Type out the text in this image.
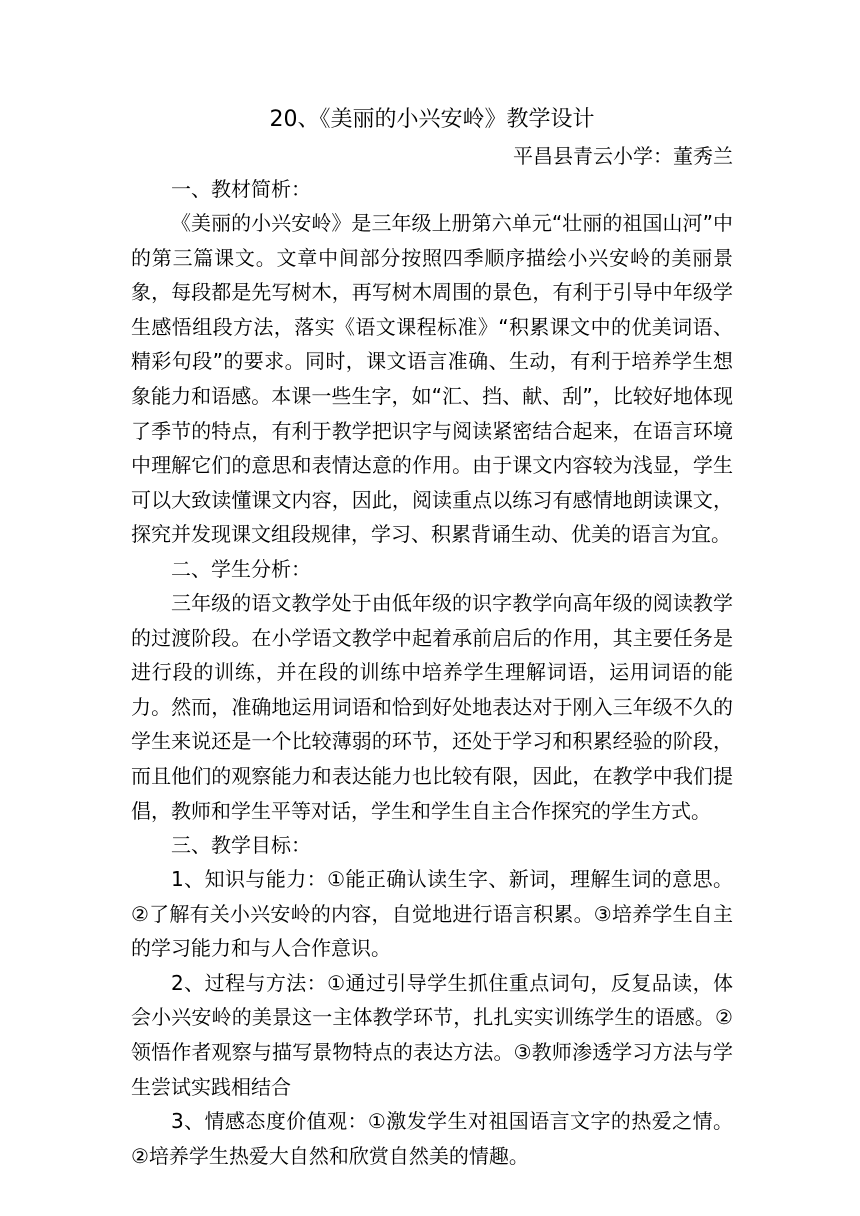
20、《美丽的小兴安岭》教学设计

平昌县青云小学：董秀兰

一、教材简析：

《美丽的小兴安岭》是三年级上册第六单元“壮丽的祖国山河”中的第三篇课文。文章中间部分按照四季顺序描绘小兴安岭的美丽景象，每段都是先写树木，再写树木周围的景色，有利于引导中年级学生感悟组段方法，落实《语文课程标准》“积累课文中的优美词语、精彩句段”的要求。同时，课文语言准确、生动，有利于培养学生想象能力和语感。本课一些生字，如“汇、挡、献、刮”，比较好地体现了季节的特点，有利于教学把识字与阅读紧密结合起来，在语言环境中理解它们的意思和表情达意的作用。由于课文内容较为浅显，学生可以大致读懂课文内容，因此，阅读重点以练习有感情地朗读课文，探究并发现课文组段规律，学习、积累背诵生动、优美的语言为宜。

二、学生分析：

三年级的语文教学处于由低年级的识字教学向高年级的阅读教学的过渡阶段。在小学语文教学中起着承前启后的作用，其主要任务是进行段的训练，并在段的训练中培养学生理解词语，运用词语的能力。然而，准确地运用词语和恰到好处地表达对于刚入三年级不久的学生来说还是一个比较薄弱的环节，还处于学习和积累经验的阶段，而且他们的观察能力和表达能力也比较有限，因此，在教学中我们提倡，教师和学生平等对话，学生和学生自主合作探究的学生方式。

三、教学目标：

1、知识与能力：①能正确认读生字、新词，理解生词的意思。②了解有关小兴安岭的内容，自觉地进行语言积累。③培养学生自主的学习能力和与人合作意识。

2、过程与方法：①通过引导学生抓住重点词句，反复品读，体会小兴安岭的美景这一主体教学环节，扎扎实实训练学生的语感。②领悟作者观察与描写景物特点的表达方法。③教师渗透学习方法与学生尝试实践相结合

3、情感态度价值观：①激发学生对祖国语言文字的热爱之情。②培养学生热爱大自然和欣赏自然美的情趣。
